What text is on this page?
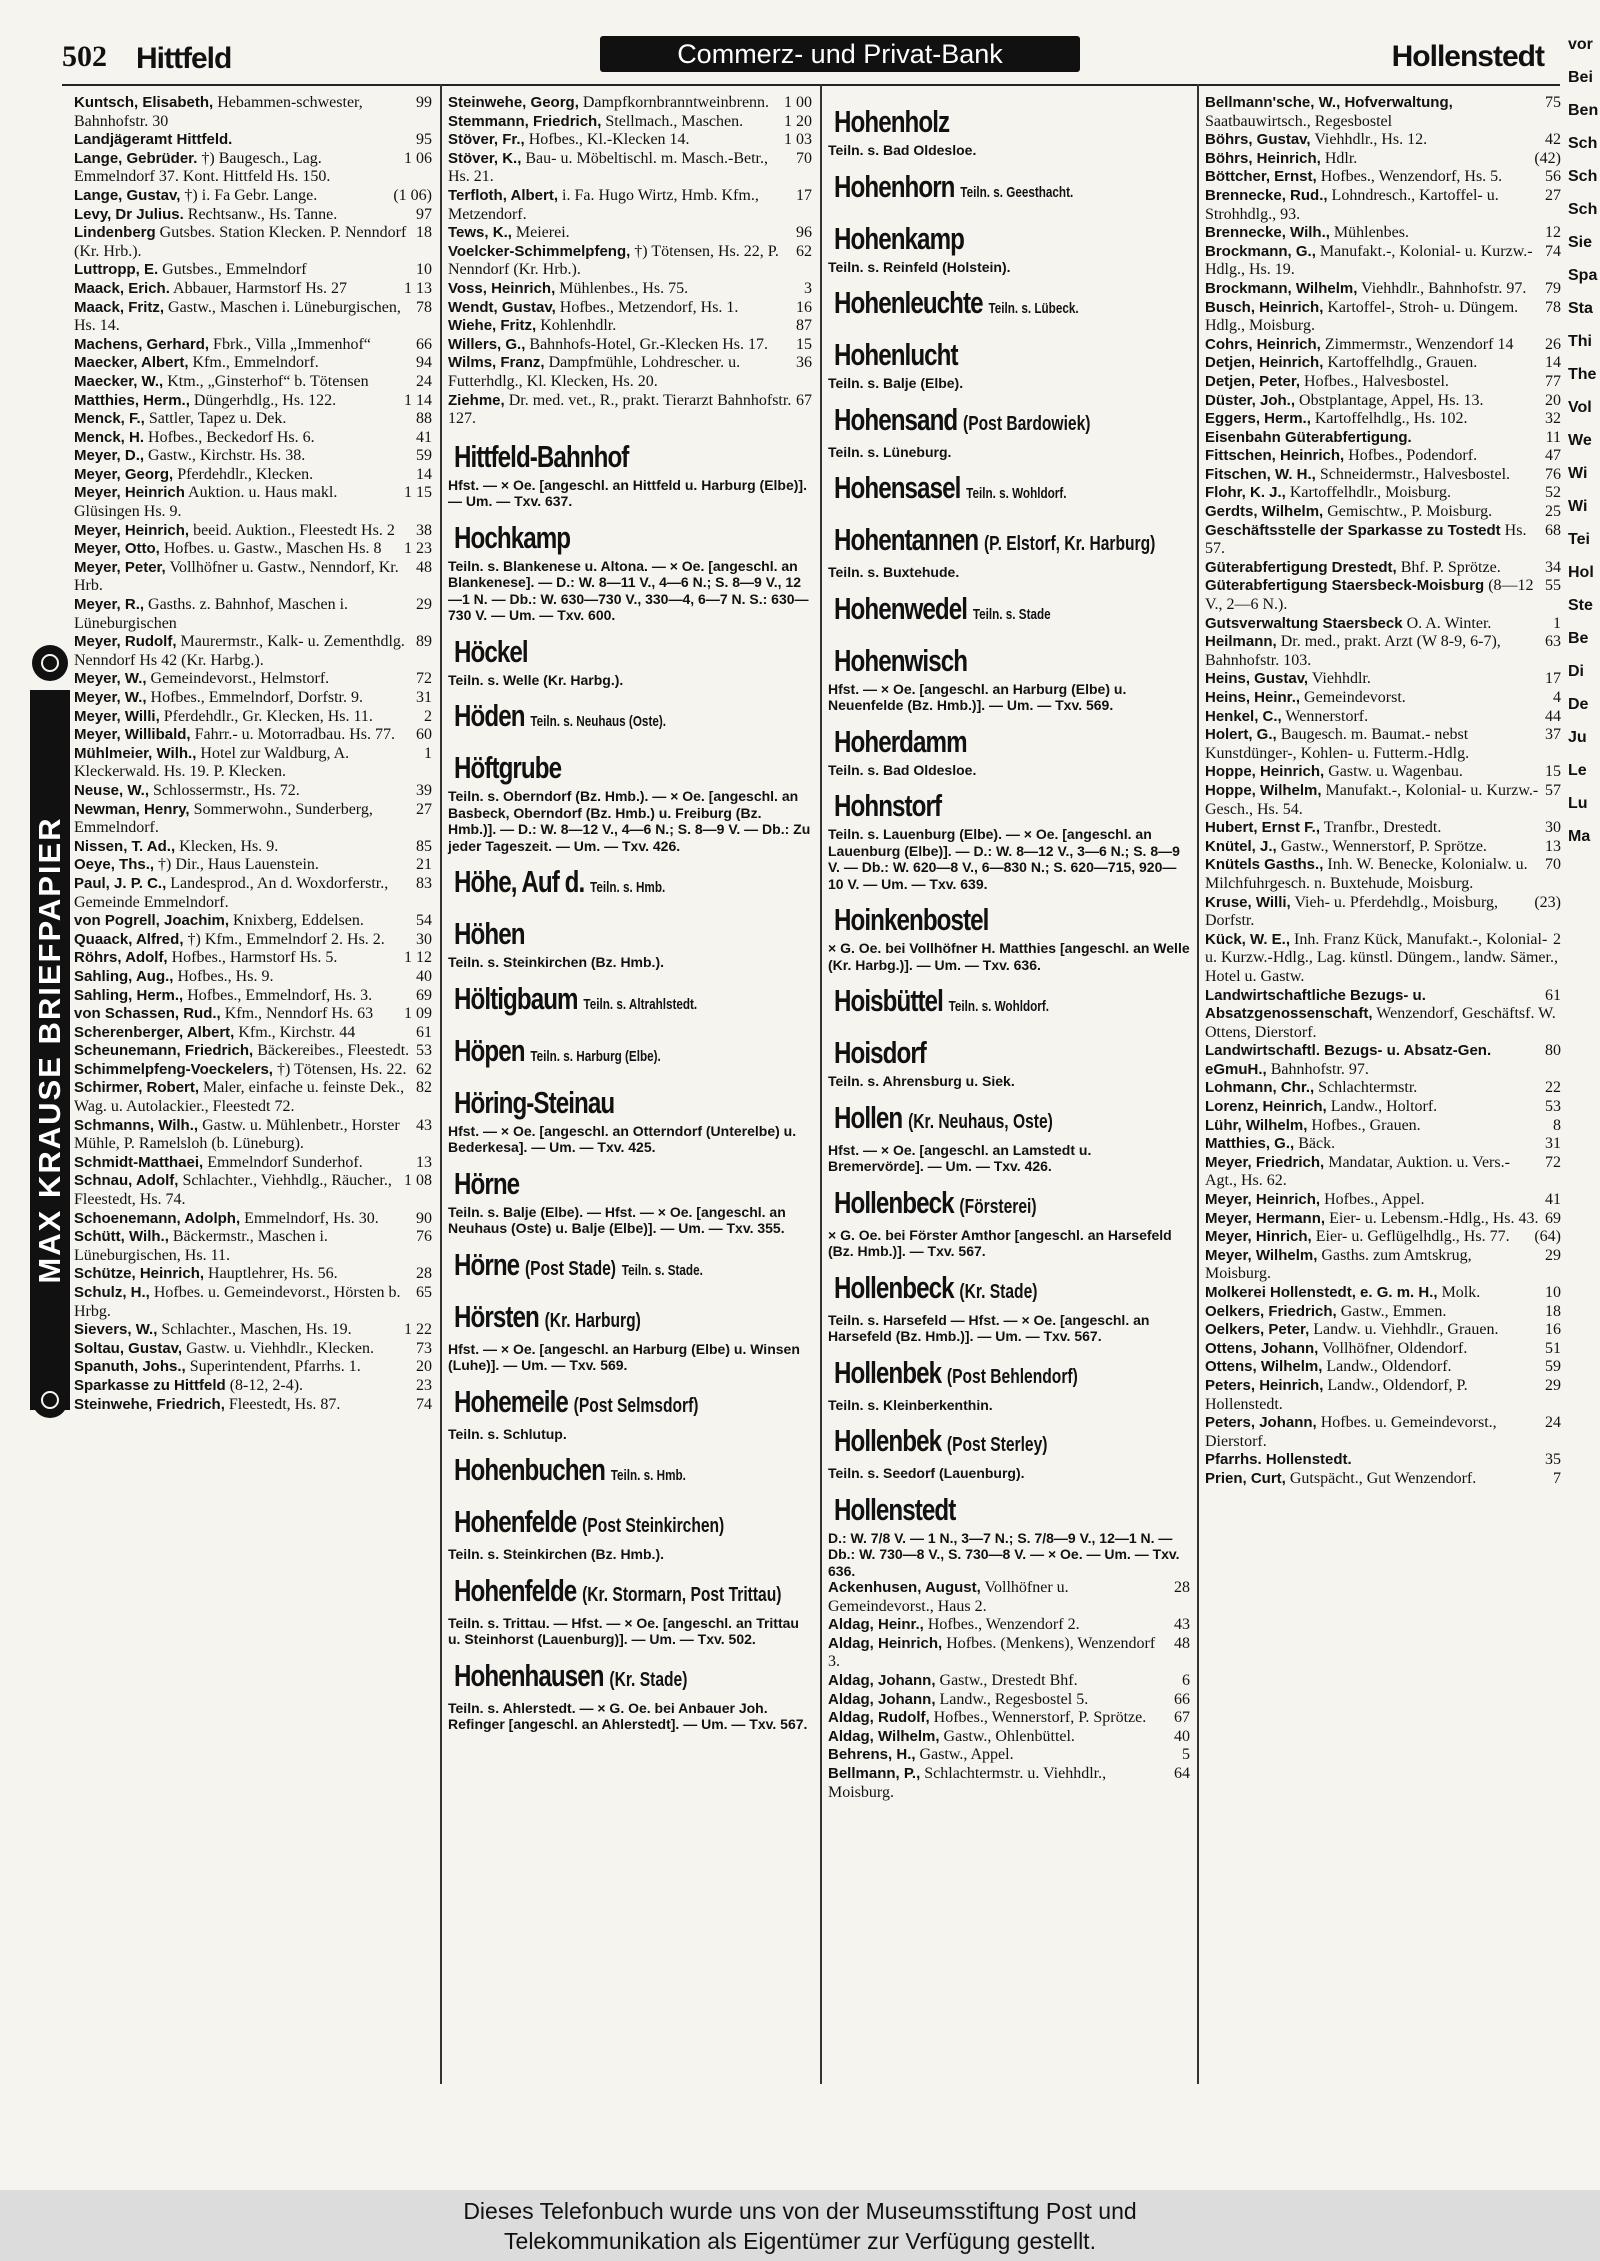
502 Hittfeld	Commerz- und Privat-Bank	Hollenstedt
MAX KRAUSE BRIEFPAPIER
99
Kuntsch, Elisabeth, Hebammen-schwester, Bahnhofstr. 30
95
Landjägeramt Hittfeld.
1 06
Lange, Gebrüder. †) Baugesch., Lag. Emmelndorf 37. Kont. Hittfeld Hs. 150.
(1 06)
Lange, Gustav, †) i. Fa Gebr. Lange.
97
Levy, Dr Julius. Rechtsanw., Hs. Tanne.
18
Lindenberg Gutsbes. Station Klecken. P. Nenndorf (Kr. Hrb.).
10
Luttropp, E. Gutsbes., Emmelndorf
1 13
Maack, Erich. Abbauer, Harmstorf Hs. 27
78
Maack, Fritz, Gastw., Maschen i. Lüneburgischen, Hs. 14.
66
Machens, Gerhard, Fbrk., Villa „Immenhof“
94
Maecker, Albert, Kfm., Emmelndorf.
24
Maecker, W., Ktm., „Ginsterhof“ b. Tötensen
1 14
Matthies, Herm., Düngerhdlg., Hs. 122.
88
Menck, F., Sattler, Tapez u. Dek.
41
Menck, H. Hofbes., Beckedorf Hs. 6.
59
Meyer, D., Gastw., Kirchstr. Hs. 38.
14
Meyer, Georg, Pferdehdlr., Klecken.
1 15
Meyer, Heinrich Auktion. u. Haus makl. Glüsingen Hs. 9.
38
Meyer, Heinrich, beeid. Auktion., Fleestedt Hs. 2
1 23
Meyer, Otto, Hofbes. u. Gastw., Maschen Hs. 8
48
Meyer, Peter, Vollhöfner u. Gastw., Nenndorf, Kr. Hrb.
29
Meyer, R., Gasths. z. Bahnhof, Maschen i. Lüneburgischen
89
Meyer, Rudolf, Maurermstr., Kalk- u. Zementhdlg. Nenndorf Hs 42 (Kr. Harbg.).
72
Meyer, W., Gemeindevorst., Helmstorf.
31
Meyer, W., Hofbes., Emmelndorf, Dorfstr. 9.
2
Meyer, Willi, Pferdehdlr., Gr. Klecken, Hs. 11.
60
Meyer, Willibald, Fahrr.- u. Motorradbau. Hs. 77.
1
Mühlmeier, Wilh., Hotel zur Waldburg, A. Kleckerwald. Hs. 19. P. Klecken.
39
Neuse, W., Schlossermstr., Hs. 72.
27
Newman, Henry, Sommerwohn., Sunderberg, Emmelndorf.
85
Nissen, T. Ad., Klecken, Hs. 9.
21
Oeye, Ths., †) Dir., Haus Lauenstein.
83
Paul, J. P. C., Landesprod., An d. Woxdorferstr., Gemeinde Emmelndorf.
54
von Pogrell, Joachim, Knixberg, Eddelsen.
30
Quaack, Alfred, †) Kfm., Emmelndorf 2. Hs. 2.
1 12
Röhrs, Adolf, Hofbes., Harmstorf Hs. 5.
40
Sahling, Aug., Hofbes., Hs. 9.
69
Sahling, Herm., Hofbes., Emmelndorf, Hs. 3.
1 09
von Schassen, Rud., Kfm., Nenndorf Hs. 63
61
Scherenberger, Albert, Kfm., Kirchstr. 44
53
Scheunemann, Friedrich, Bäckereibes., Fleestedt.
62
Schimmelpfeng-Voeckelers, †) Tötensen, Hs. 22.
82
Schirmer, Robert, Maler, einfache u. feinste Dek., Wag. u. Autolackier., Fleestedt 72.
43
Schmanns, Wilh., Gastw. u. Mühlenbetr., Horster Mühle, P. Ramelsloh (b. Lüneburg).
13
Schmidt-Matthaei, Emmelndorf Sunderhof.
1 08
Schnau, Adolf, Schlachter., Viehhdlg., Räucher., Fleestedt, Hs. 74.
90
Schoenemann, Adolph, Emmelndorf, Hs. 30.
76
Schütt, Wilh., Bäckermstr., Maschen i. Lüneburgischen, Hs. 11.
28
Schütze, Heinrich, Hauptlehrer, Hs. 56.
65
Schulz, H., Hofbes. u. Gemeindevorst., Hörsten b. Hrbg.
1 22
Sievers, W., Schlachter., Maschen, Hs. 19.
73
Soltau, Gustav, Gastw. u. Viehhdlr., Klecken.
20
Spanuth, Johs., Superintendent, Pfarrhs. 1.
23
Sparkasse zu Hittfeld (8-12, 2-4).
74
Steinwehe, Friedrich, Fleestedt, Hs. 87.
1 00
Steinwehe, Georg, Dampfkornbranntweinbrenn.
1 20
Stemmann, Friedrich, Stellmach., Maschen.
1 03
Stöver, Fr., Hofbes., Kl.-Klecken 14.
70
Stöver, K., Bau- u. Möbeltischl. m. Masch.-Betr., Hs. 21.
17
Terfloth, Albert, i. Fa. Hugo Wirtz, Hmb. Kfm., Metzendorf.
96
Tews, K., Meierei.
62
Voelcker-Schimmelpfeng, †) Tötensen, Hs. 22, P. Nenndorf (Kr. Hrb.).
3
Voss, Heinrich, Mühlenbes., Hs. 75.
16
Wendt, Gustav, Hofbes., Metzendorf, Hs. 1.
87
Wiehe, Fritz, Kohlenhdlr.
15
Willers, G., Bahnhofs-Hotel, Gr.-Klecken Hs. 17.
36
Wilms, Franz, Dampfmühle, Lohdrescher. u. Futterhdlg., Kl. Klecken, Hs. 20.
67
Ziehme, Dr. med. vet., R., prakt. Tierarzt Bahnhofstr. 127.
Hittfeld-Bahnhof
Hfst. — × Oe. [angeschl. an Hittfeld u. Harburg (Elbe)]. — Um. — Txv. 637.
Hochkamp
Teiln. s. Blankenese u. Altona. — × Oe. [angeschl. an Blankenese]. — D.: W. 8—11 V., 4—6 N.; S. 8—9 V., 12—1 N. — Db.: W. 630—730 V., 330—4, 6—7 N. S.: 630—730 V. — Um. — Txv. 600.
Höckel
Teiln. s. Welle (Kr. Harbg.).
Höden Teiln. s. Neuhaus (Oste).
Höftgrube
Teiln. s. Oberndorf (Bz. Hmb.). — × Oe. [angeschl. an Basbeck, Oberndorf (Bz. Hmb.) u. Freiburg (Bz. Hmb.)]. — D.: W. 8—12 V., 4—6 N.; S. 8—9 V. — Db.: Zu jeder Tageszeit. — Um. — Txv. 426.
Höhe, Auf d. Teiln. s. Hmb.
Höhen
Teiln. s. Steinkirchen (Bz. Hmb.).
Höltigbaum Teiln. s. Altrahlstedt.
Höpen Teiln. s. Harburg (Elbe).
Höring-Steinau
Hfst. — × Oe. [angeschl. an Otterndorf (Unterelbe) u. Bederkesa]. — Um. — Txv. 425.
Hörne
Teiln. s. Balje (Elbe). — Hfst. — × Oe. [angeschl. an Neuhaus (Oste) u. Balje (Elbe)]. — Um. — Txv. 355.
Hörne (Post Stade) Teiln. s. Stade.
Hörsten (Kr. Harburg)
Hfst. — × Oe. [angeschl. an Harburg (Elbe) u. Winsen (Luhe)]. — Um. — Txv. 569.
Hohemeile (Post Selmsdorf)
Teiln. s. Schlutup.
Hohenbuchen Teiln. s. Hmb.
Hohenfelde (Post Steinkirchen)
Teiln. s. Steinkirchen (Bz. Hmb.).
Hohenfelde (Kr. Stormarn, Post Trittau)
Teiln. s. Trittau. — Hfst. — × Oe. [angeschl. an Trittau u. Steinhorst (Lauenburg)]. — Um. — Txv. 502.
Hohenhausen (Kr. Stade)
Teiln. s. Ahlerstedt. — × G. Oe. bei Anbauer Joh. Refinger [angeschl. an Ahlerstedt]. — Um. — Txv. 567.
Hohenholz
Teiln. s. Bad Oldesloe.
Hohenhorn Teiln. s. Geesthacht.
Hohenkamp
Teiln. s. Reinfeld (Holstein).
Hohenleuchte Teiln. s. Lübeck.
Hohenlucht
Teiln. s. Balje (Elbe).
Hohensand (Post Bardowiek)
Teiln. s. Lüneburg.
Hohensasel Teiln. s. Wohldorf.
Hohentannen (P. Elstorf, Kr. Harburg)
Teiln. s. Buxtehude.
Hohenwedel Teiln. s. Stade
Hohenwisch
Hfst. — × Oe. [angeschl. an Harburg (Elbe) u. Neuenfelde (Bz. Hmb.)]. — Um. — Txv. 569.
Hoherdamm
Teiln. s. Bad Oldesloe.
Hohnstorf
Teiln. s. Lauenburg (Elbe). — × Oe. [angeschl. an Lauenburg (Elbe)]. — D.: W. 8—12 V., 3—6 N.; S. 8—9 V. — Db.: W. 620—8 V., 6—830 N.; S. 620—715, 920—10 V. — Um. — Txv. 639.
Hoinkenbostel
× G. Oe. bei Vollhöfner H. Matthies [angeschl. an Welle (Kr. Harbg.)]. — Um. — Txv. 636.
Hoisbüttel Teiln. s. Wohldorf.
Hoisdorf
Teiln. s. Ahrensburg u. Siek.
Hollen (Kr. Neuhaus, Oste)
Hfst. — × Oe. [angeschl. an Lamstedt u. Bremervörde]. — Um. — Txv. 426.
Hollenbeck (Försterei)
× G. Oe. bei Förster Amthor [angeschl. an Harsefeld (Bz. Hmb.)]. — Txv. 567.
Hollenbeck (Kr. Stade)
Teiln. s. Harsefeld — Hfst. — × Oe. [angeschl. an Harsefeld (Bz. Hmb.)]. — Um. — Txv. 567.
Hollenbek (Post Behlendorf)
Teiln. s. Kleinberkenthin.
Hollenbek (Post Sterley)
Teiln. s. Seedorf (Lauenburg).
Hollenstedt
D.: W. 7/8 V. — 1 N., 3—7 N.; S. 7/8—9 V., 12—1 N. — Db.: W. 730—8 V., S. 730—8 V. — × Oe. — Um. — Txv. 636.
28
Ackenhusen, August, Vollhöfner u. Gemeindevorst., Haus 2.
43
Aldag, Heinr., Hofbes., Wenzendorf 2.
48
Aldag, Heinrich, Hofbes. (Menkens), Wenzendorf 3.
6
Aldag, Johann, Gastw., Drestedt Bhf.
66
Aldag, Johann, Landw., Regesbostel 5.
67
Aldag, Rudolf, Hofbes., Wennerstorf, P. Sprötze.
40
Aldag, Wilhelm, Gastw., Ohlenbüttel.
5
Behrens, H., Gastw., Appel.
64
Bellmann, P., Schlachtermstr. u. Viehhdlr., Moisburg.
75
Bellmann'sche, W., Hofverwaltung, Saatbauwirtsch., Regesbostel
42
Böhrs, Gustav, Viehhdlr., Hs. 12.
(42)
Böhrs, Heinrich, Hdlr.
56
Böttcher, Ernst, Hofbes., Wenzendorf, Hs. 5.
27
Brennecke, Rud., Lohndresch., Kartoffel- u. Strohhdlg., 93.
12
Brennecke, Wilh., Mühlenbes.
74
Brockmann, G., Manufakt.-, Kolonial- u. Kurzw.-Hdlg., Hs. 19.
79
Brockmann, Wilhelm, Viehhdlr., Bahnhofstr. 97.
78
Busch, Heinrich, Kartoffel-, Stroh- u. Düngem. Hdlg., Moisburg.
26
Cohrs, Heinrich, Zimmermstr., Wenzendorf 14
14
Detjen, Heinrich, Kartoffelhdlg., Grauen.
77
Detjen, Peter, Hofbes., Halvesbostel.
20
Düster, Joh., Obstplantage, Appel, Hs. 13.
32
Eggers, Herm., Kartoffelhdlg., Hs. 102.
11
Eisenbahn Güterabfertigung.
47
Fittschen, Heinrich, Hofbes., Podendorf.
76
Fitschen, W. H., Schneidermstr., Halvesbostel.
52
Flohr, K. J., Kartoffelhdlr., Moisburg.
25
Gerdts, Wilhelm, Gemischtw., P. Moisburg.
68
Geschäftsstelle der Sparkasse zu Tostedt Hs. 57.
34
Güterabfertigung Drestedt, Bhf. P. Sprötze.
55
Güterabfertigung Staersbeck-Moisburg (8—12 V., 2—6 N.).
1
Gutsverwaltung Staersbeck O. A. Winter.
63
Heilmann, Dr. med., prakt. Arzt (W 8-9, 6-7), Bahnhofstr. 103.
17
Heins, Gustav, Viehhdlr.
4
Heins, Heinr., Gemeindevorst.
44
Henkel, C., Wennerstorf.
37
Holert, G., Baugesch. m. Baumat.- nebst Kunstdünger-, Kohlen- u. Futterm.-Hdlg.
15
Hoppe, Heinrich, Gastw. u. Wagenbau.
57
Hoppe, Wilhelm, Manufakt.-, Kolonial- u. Kurzw.-Gesch., Hs. 54.
30
Hubert, Ernst F., Tranfbr., Drestedt.
13
Knütel, J., Gastw., Wennerstorf, P. Sprötze.
70
Knütels Gasths., Inh. W. Benecke, Kolonialw. u. Milchfuhrgesch. n. Buxtehude, Moisburg.
(23)
Kruse, Willi, Vieh- u. Pferdehdlg., Moisburg, Dorfstr.
2
Kück, W. E., Inh. Franz Kück, Manufakt.-, Kolonial- u. Kurzw.-Hdlg., Lag. künstl. Düngem., landw. Sämer., Hotel u. Gastw.
61
Landwirtschaftliche Bezugs- u. Absatzgenossenschaft, Wenzendorf, Geschäftsf. W. Ottens, Dierstorf.
80
Landwirtschaftl. Bezugs- u. Absatz-Gen. eGmuH., Bahnhofstr. 97.
22
Lohmann, Chr., Schlachtermstr.
53
Lorenz, Heinrich, Landw., Holtorf.
8
Lühr, Wilhelm, Hofbes., Grauen.
31
Matthies, G., Bäck.
72
Meyer, Friedrich, Mandatar, Auktion. u. Vers.-Agt., Hs. 62.
41
Meyer, Heinrich, Hofbes., Appel.
69
Meyer, Hermann, Eier- u. Lebensm.-Hdlg., Hs. 43.
(64)
Meyer, Hinrich, Eier- u. Geflügelhdlg., Hs. 77.
29
Meyer, Wilhelm, Gasths. zum Amtskrug, Moisburg.
10
Molkerei Hollenstedt, e. G. m. H., Molk.
18
Oelkers, Friedrich, Gastw., Emmen.
16
Oelkers, Peter, Landw. u. Viehhdlr., Grauen.
51
Ottens, Johann, Vollhöfner, Oldendorf.
59
Ottens, Wilhelm, Landw., Oldendorf.
29
Peters, Heinrich, Landw., Oldendorf, P. Hollenstedt.
24
Peters, Johann, Hofbes. u. Gemeindevorst., Dierstorf.
35
Pfarrhs. Hollenstedt.
7
Prien, Curt, Gutspächt., Gut Wenzendorf.
vor
Bei
Ben
Sch
Sch
Sch
Sie
Spa
Sta
Thi
The
Vol
We
Wi
Wi
Tei
Hol
Ste
Be
Di
De
Ju
Le
Lu
Ma
Dieses Telefonbuch wurde uns von der Museumsstiftung Post und
Telekommunikation als Eigentümer zur Verfügung gestellt.
